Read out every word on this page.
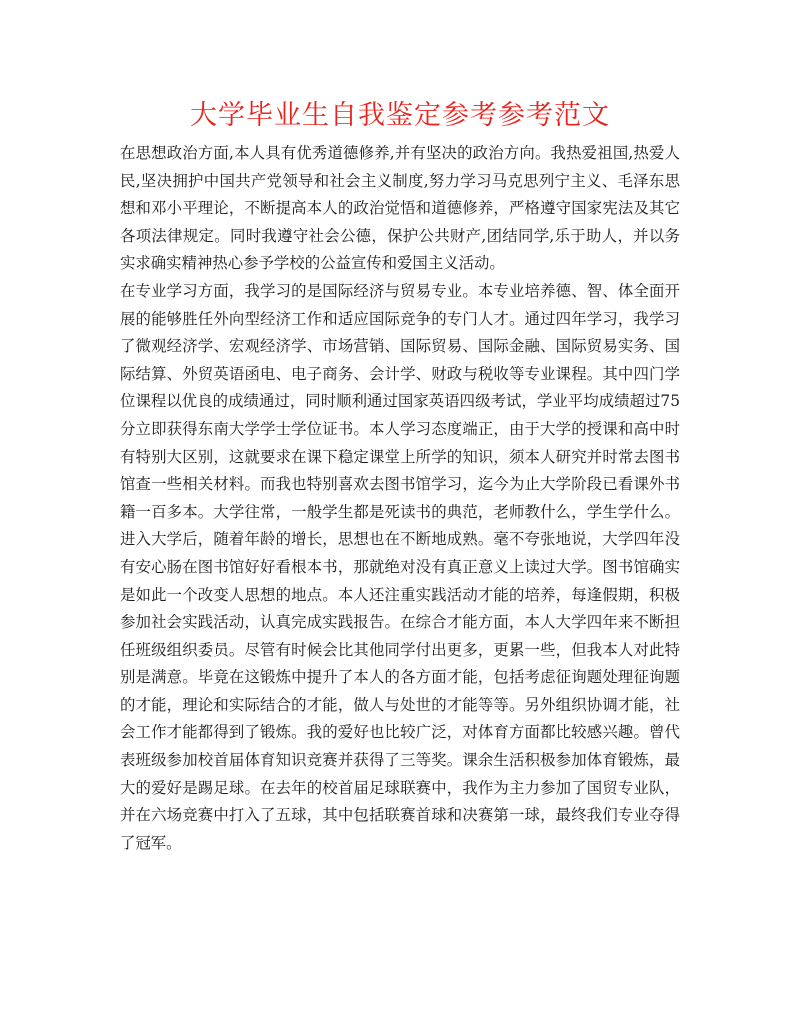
大学毕业生自我鉴定参考参考范文

在思想政治方面,本人具有优秀道德修养,并有坚决的政治方向。我热爱祖国,热爱人民,坚决拥护中国共产党领导和社会主义制度,努力学习马克思列宁主义、毛泽东思想和邓小平理论，不断提高本人的政治觉悟和道德修养，严格遵守国家宪法及其它各项法律规定。同时我遵守社会公德，保护公共财产,团结同学,乐于助人，并以务实求确实精神热心参予学校的公益宣传和爱国主义活动。

在专业学习方面，我学习的是国际经济与贸易专业。本专业培养德、智、体全面开展的能够胜任外向型经济工作和适应国际竞争的专门人才。通过四年学习，我学习了微观经济学、宏观经济学、市场营销、国际贸易、国际金融、国际贸易实务、国际结算、外贸英语函电、电子商务、会计学、财政与税收等专业课程。其中四门学位课程以优良的成绩通过，同时顺利通过国家英语四级考试，学业平均成绩超过75分立即获得东南大学学士学位证书。本人学习态度端正，由于大学的授课和高中时有特别大区别，这就要求在课下稳定课堂上所学的知识，须本人研究并时常去图书馆查一些相关材料。而我也特别喜欢去图书馆学习，迄今为止大学阶段已看课外书籍一百多本。大学往常，一般学生都是死读书的典范，老师教什么，学生学什么。进入大学后，随着年龄的增长，思想也在不断地成熟。毫不夸张地说，大学四年没有安心肠在图书馆好好看根本书，那就绝对没有真正意义上读过大学。图书馆确实是如此一个改变人思想的地点。本人还注重实践活动才能的培养，每逢假期，积极参加社会实践活动，认真完成实践报告。在综合才能方面，本人大学四年来不断担任班级组织委员。尽管有时候会比其他同学付出更多，更累一些，但我本人对此特别是满意。毕竟在这锻炼中提升了本人的各方面才能，包括考虑征询题处理征询题的才能，理论和实际结合的才能，做人与处世的才能等等。另外组织协调才能，社会工作才能都得到了锻炼。我的爱好也比较广泛，对体育方面都比较感兴趣。曾代表班级参加校首届体育知识竞赛并获得了三等奖。课余生活积极参加体育锻炼，最大的爱好是踢足球。在去年的校首届足球联赛中，我作为主力参加了国贸专业队，并在六场竞赛中打入了五球，其中包括联赛首球和决赛第一球，最终我们专业夺得了冠军。
